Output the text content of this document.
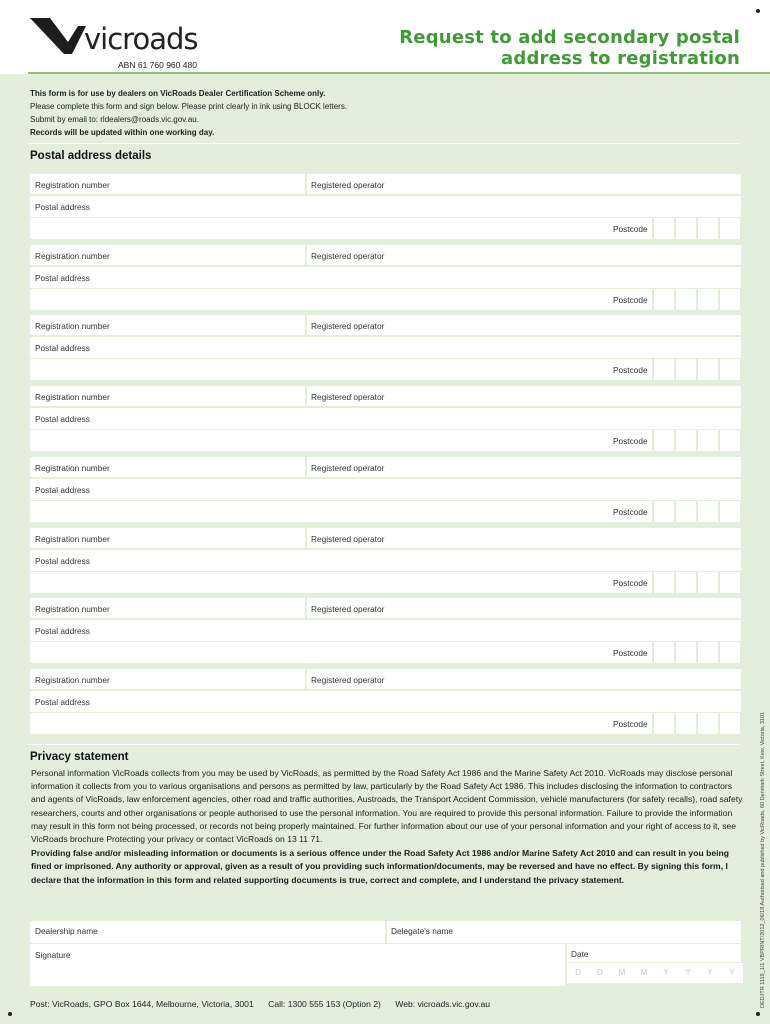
vicroads
ABN 61 760 960 480
Request to add secondary postal
address to registration
This form is for use by dealers on VicRoads Dealer Certification Scheme only.
Please complete this form and sign below. Please print clearly in ink using BLOCK letters.
Submit by email to: rldealers@roads.vic.gov.au.
Records will be updated within one working day.
Postal address details
Registration number	Registered operator
Postal address
Postcode
Registration number	Registered operator
Postal address
Postcode
Registration number	Registered operator
Postal address
Postcode
Registration number	Registered operator
Postal address
Postcode
Registration number	Registered operator
Postal address
Postcode
Registration number	Registered operator
Postal address
Postcode
Registration number	Registered operator
Postal address
Postcode
Registration number	Registered operator
Postal address
Postcode
Privacy statement

Personal information VicRoads collects from you may be used by VicRoads, as permitted by the Road Safety Act 1986 and the Marine Safety Act 2010. VicRoads may disclose personal information it collects from you to various organisations and persons as permitted by law, particularly by the Road Safety Act 1986. This includes disclosing the information to contractors and agents of VicRoads, law enforcement agencies, other road and traffic authorities, Austroads, the Transport Accident Commission, vehicle manufacturers (for safety recalls), road safety researchers, courts and other organisations or people authorised to use the personal information. You are required to provide this personal information. Failure to provide the information may result in this form not being processed, or records not being properly maintained. For further information about our use of your personal information and your right of access to it, see VicRoads brochure Protecting your privacy or contact VicRoads on 13 11 71.

Providing false and/or misleading information or documents is a serious offence under the Road Safety Act 1986 and/or Marine Safety Act 2010 and can result in you being fined or imprisoned. Any authority or approval, given as a result of you providing such information/documents, may be reversed and have no effect. By signing this form, I declare that the information in this form and related supporting documents is true, correct and complete, and I understand the privacy statement.

Dealership name	Delegate's name
Signature	Date
D	D	M	M	Y	Y	Y	Y
Post: VicRoads, GPO Box 1644, Melbourne, Victoria, 3001 Call: 1300 555 153 (Option 2) Web: vicroads.vic.gov.au	DEDJTR 1119_1/1 VBPRINT/2012_06/18 Authorised and published by VicRoads, 60 Denmark Street, Kew, Victoria, 3101
